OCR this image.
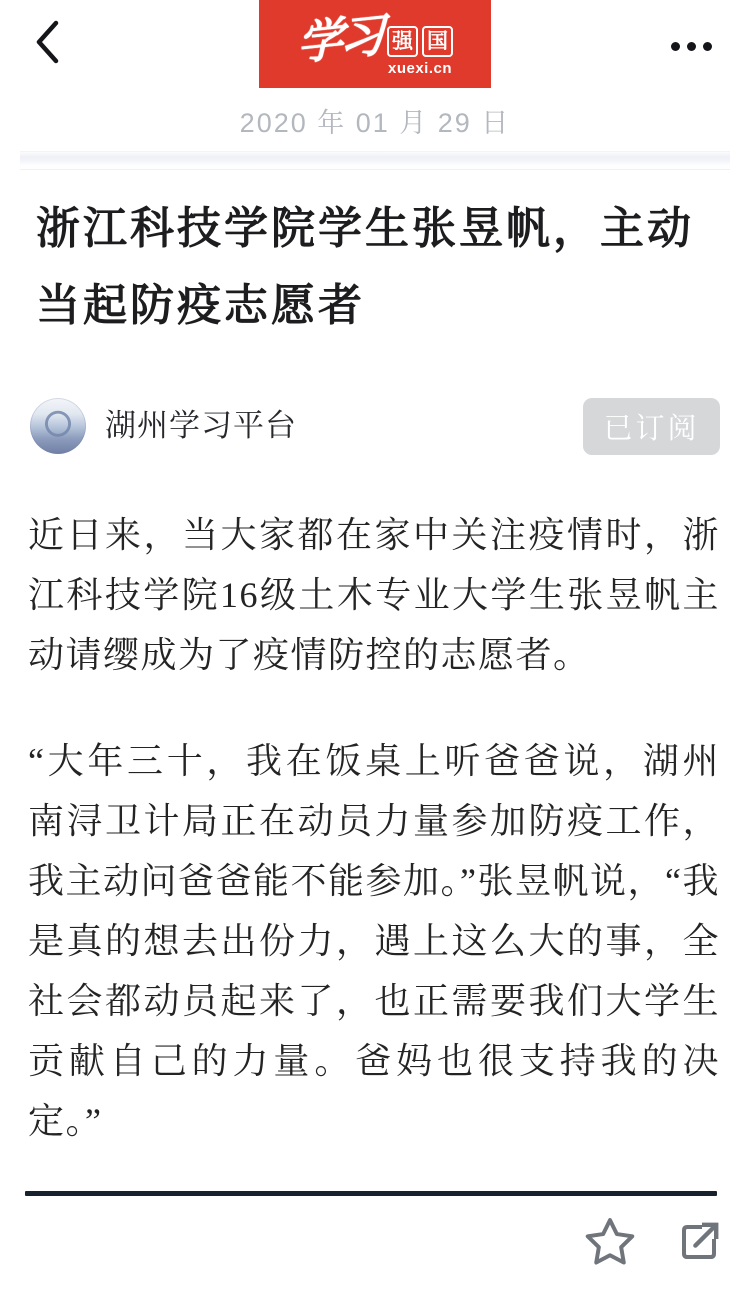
学习 强 国
xuexi.cn
2020 年 01 月 29 日
浙江科技学院学生张昱帆，主动当起防疫志愿者
湖州学习平台	已订阅

近日来，当大家都在家中关注疫情时，浙江科技学院16级土木专业大学生张昱帆主动请缨成为了疫情防控的志愿者。

“大年三十，我在饭桌上听爸爸说，湖州南浔卫计局正在动员力量参加防疫工作，我主动问爸爸能不能参加。”张昱帆说，“我是真的想去出份力，遇上这么大的事，全社会都动员起来了，也正需要我们大学生贡献自己的力量。爸妈也很支持我的决定。”
